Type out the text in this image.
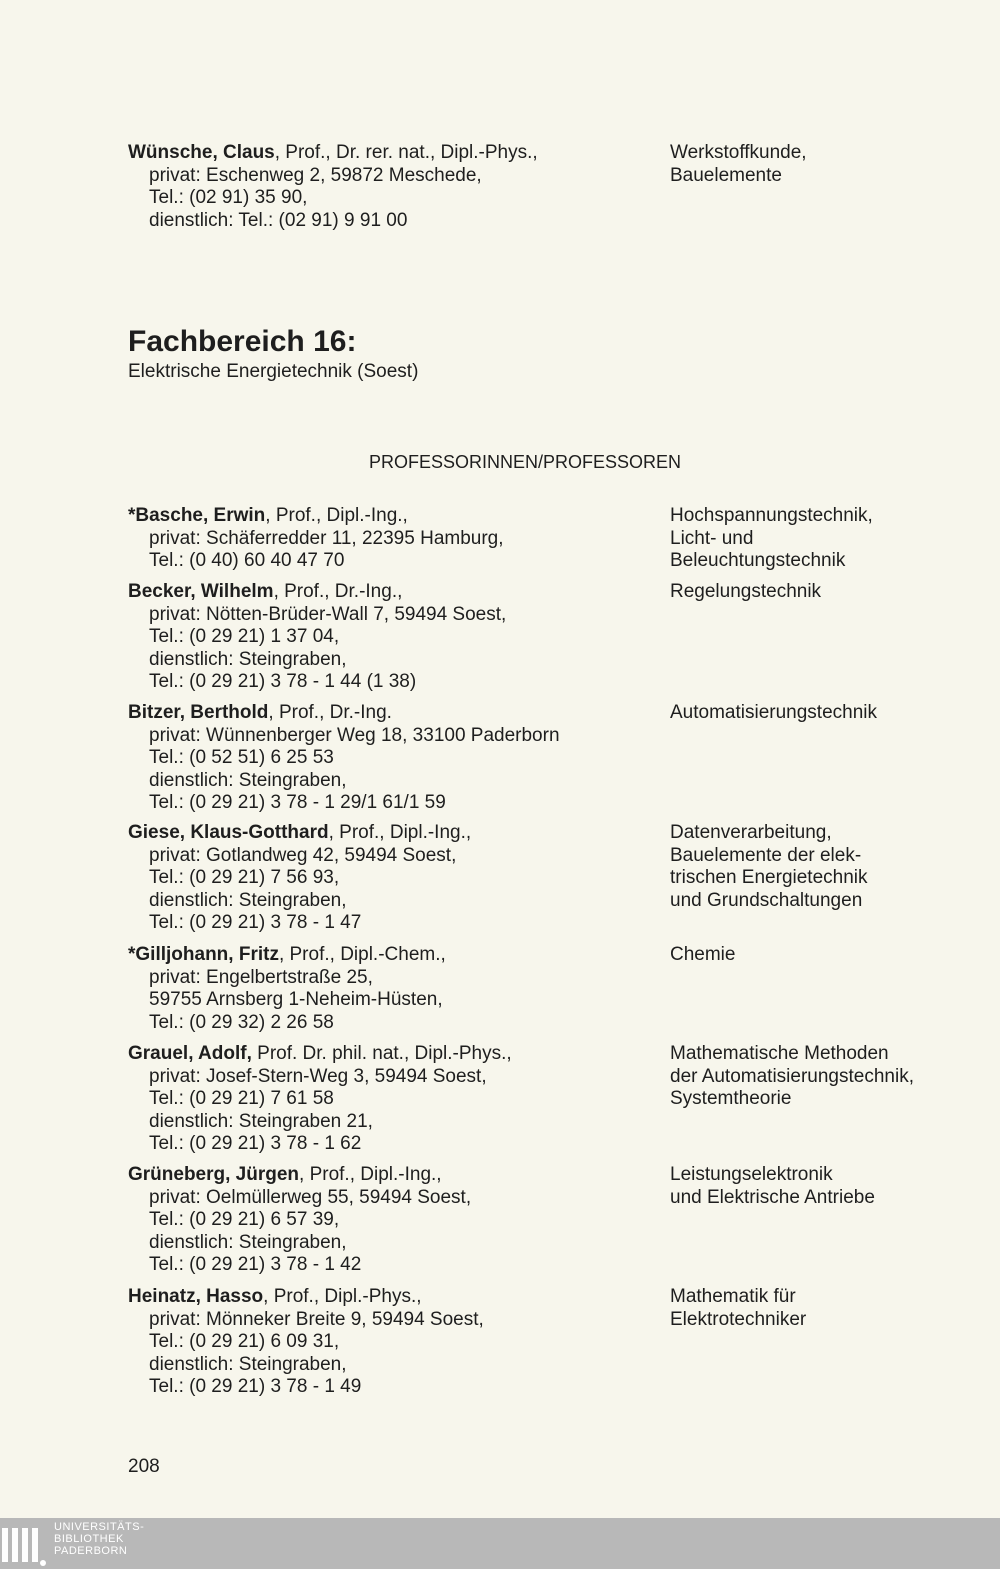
Wünsche, Claus, Prof., Dr. rer. nat., Dipl.-Phys.,
privat: Eschenweg 2, 59872 Meschede,
Tel.: (02 91) 35 90,
dienstlich: Tel.: (02 91) 9 91 00
Werkstoffkunde,
Bauelemente
Fachbereich 16:
Elektrische Energietechnik (Soest)
PROFESSORINNEN/PROFESSOREN
*Basche, Erwin, Prof., Dipl.-Ing.,
privat: Schäferredder 11, 22395 Hamburg,
Tel.: (0 40) 60 40 47 70
Hochspannungstechnik,
Licht- und
Beleuchtungstechnik
Becker, Wilhelm, Prof., Dr.-Ing.,
privat: Nötten-Brüder-Wall 7, 59494 Soest,
Tel.: (0 29 21) 1 37 04,
dienstlich: Steingraben,
Tel.: (0 29 21) 3 78 - 1 44 (1 38)
Regelungstechnik
Bitzer, Berthold, Prof., Dr.-Ing.
privat: Wünnenberger Weg 18, 33100 Paderborn
Tel.: (0 52 51) 6 25 53
dienstlich: Steingraben,
Tel.: (0 29 21) 3 78 - 1 29/1 61/1 59
Automatisierungstechnik
Giese, Klaus-Gotthard, Prof., Dipl.-Ing.,
privat: Gotlandweg 42, 59494 Soest,
Tel.: (0 29 21) 7 56 93,
dienstlich: Steingraben,
Tel.: (0 29 21) 3 78 - 1 47
Datenverarbeitung,
Bauelemente der elek-
trischen Energietechnik
und Grundschaltungen
*Gilljohann, Fritz, Prof., Dipl.-Chem.,
privat: Engelbertstraße 25,
59755 Arnsberg 1-Neheim-Hüsten,
Tel.: (0 29 32) 2 26 58
Chemie
Grauel, Adolf, Prof. Dr. phil. nat., Dipl.-Phys.,
privat: Josef-Stern-Weg 3, 59494 Soest,
Tel.: (0 29 21) 7 61 58
dienstlich: Steingraben 21,
Tel.: (0 29 21) 3 78 - 1 62
Mathematische Methoden
der Automatisierungstechnik,
Systemtheorie
Grüneberg, Jürgen, Prof., Dipl.-Ing.,
privat: Oelmüllerweg 55, 59494 Soest,
Tel.: (0 29 21) 6 57 39,
dienstlich: Steingraben,
Tel.: (0 29 21) 3 78 - 1 42
Leistungselektronik
und Elektrische Antriebe
Heinatz, Hasso, Prof., Dipl.-Phys.,
privat: Mönneker Breite 9, 59494 Soest,
Tel.: (0 29 21) 6 09 31,
dienstlich: Steingraben,
Tel.: (0 29 21) 3 78 - 1 49
Mathematik für
Elektrotechniker
208
UNIVERSITÄTS-
BIBLIOTHEK
PADERBORN
